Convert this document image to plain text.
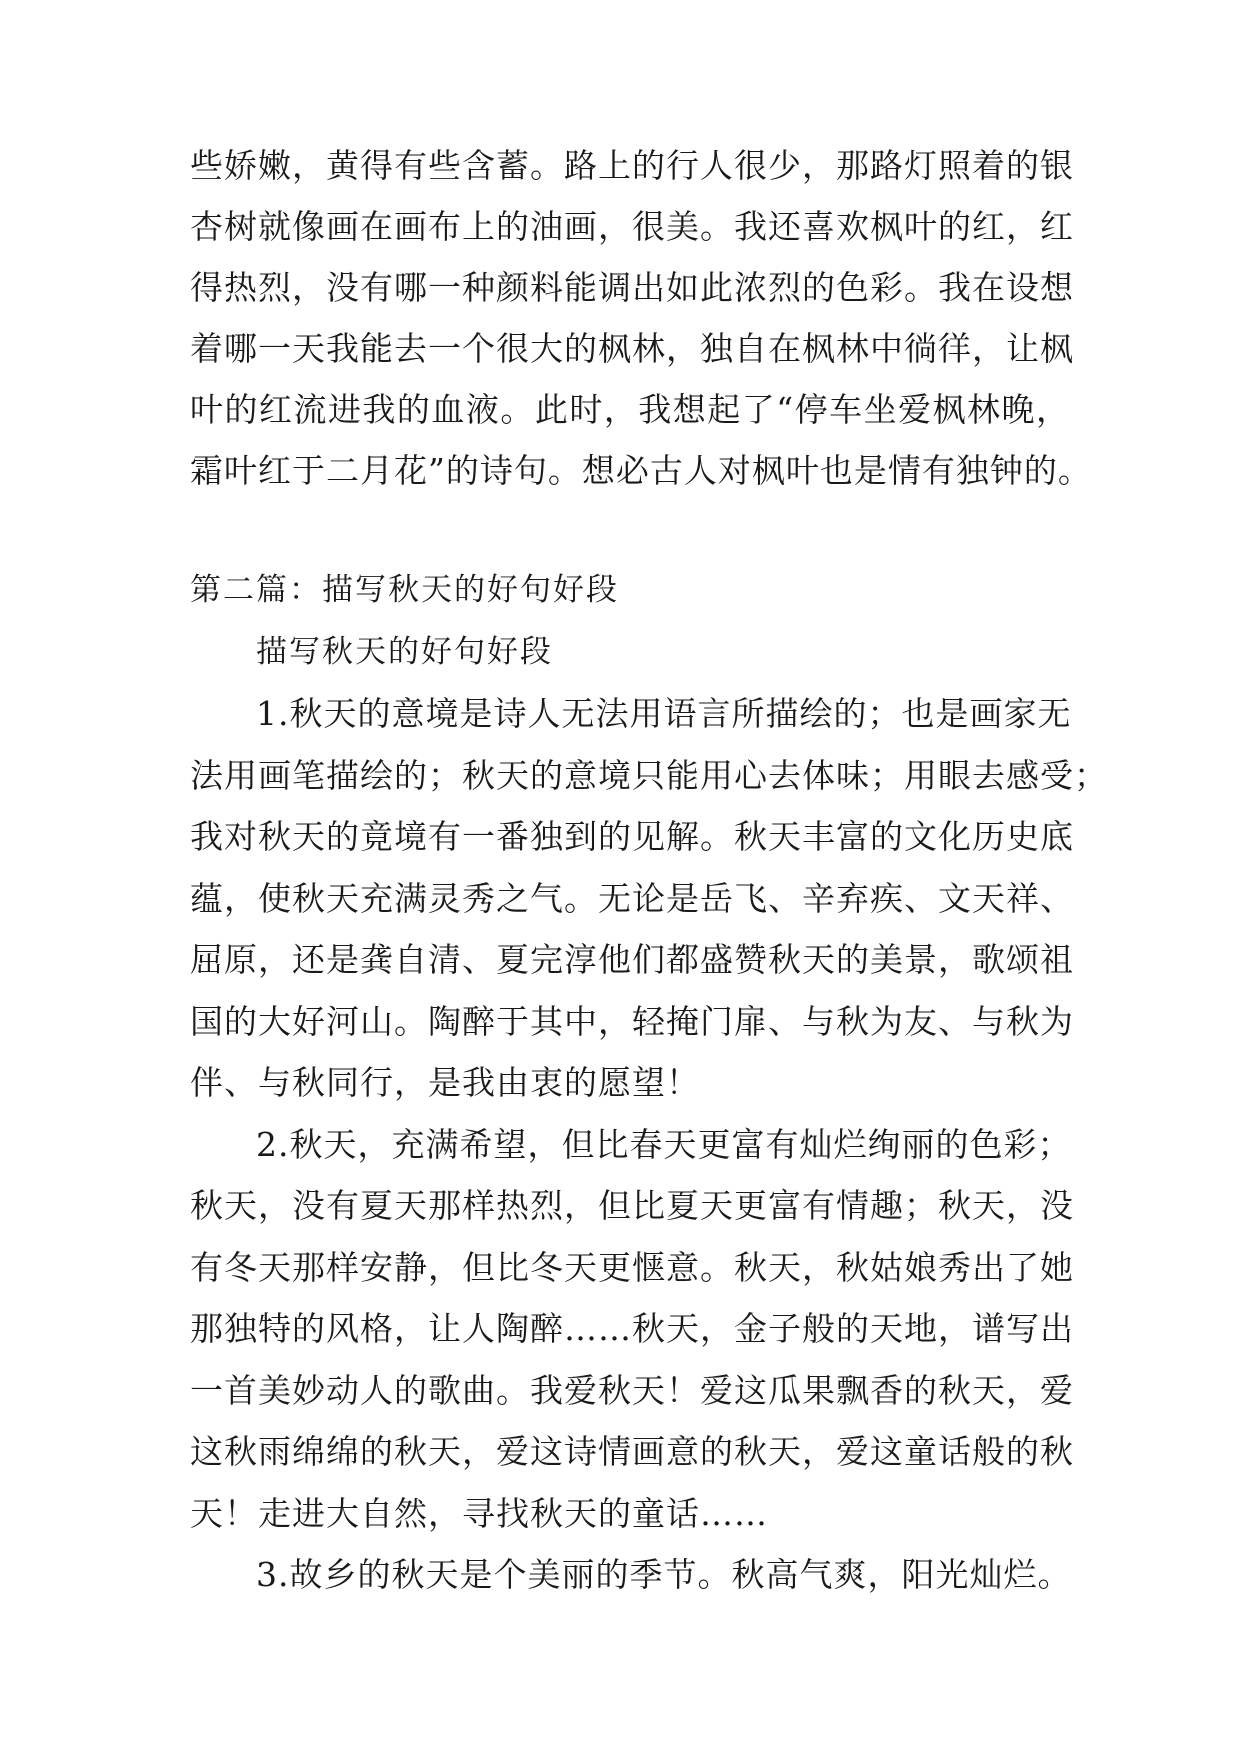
些娇嫩，黄得有些含蓄。路上的行人很少，那路灯照着的银
杏树就像画在画布上的油画，很美。我还喜欢枫叶的红，红
得热烈，没有哪一种颜料能调出如此浓烈的色彩。我在设想
着哪一天我能去一个很大的枫林，独自在枫林中徜徉，让枫
叶的红流进我的血液。此时，我想起了“停车坐爱枫林晚，
霜叶红于二月花”的诗句。想必古人对枫叶也是情有独钟的。
第二篇：描写秋天的好句好段
描写秋天的好句好段
1.秋天的意境是诗人无法用语言所描绘的；也是画家无
法用画笔描绘的；秋天的意境只能用心去体味；用眼去感受；
我对秋天的竟境有一番独到的见解。秋天丰富的文化历史底
蕴，使秋天充满灵秀之气。无论是岳飞、辛弃疾、文天祥、
屈原，还是龚自清、夏完淳他们都盛赞秋天的美景，歌颂祖
国的大好河山。陶醉于其中，轻掩门扉、与秋为友、与秋为
伴、与秋同行，是我由衷的愿望！
2.秋天，充满希望，但比春天更富有灿烂绚丽的色彩；
秋天，没有夏天那样热烈，但比夏天更富有情趣；秋天，没
有冬天那样安静，但比冬天更惬意。秋天，秋姑娘秀出了她
那独特的风格，让人陶醉……秋天，金子般的天地，谱写出
一首美妙动人的歌曲。我爱秋天！爱这瓜果飘香的秋天，爱
这秋雨绵绵的秋天，爱这诗情画意的秋天，爱这童话般的秋
天！走进大自然，寻找秋天的童话……
3.故乡的秋天是个美丽的季节。秋高气爽，阳光灿烂。
